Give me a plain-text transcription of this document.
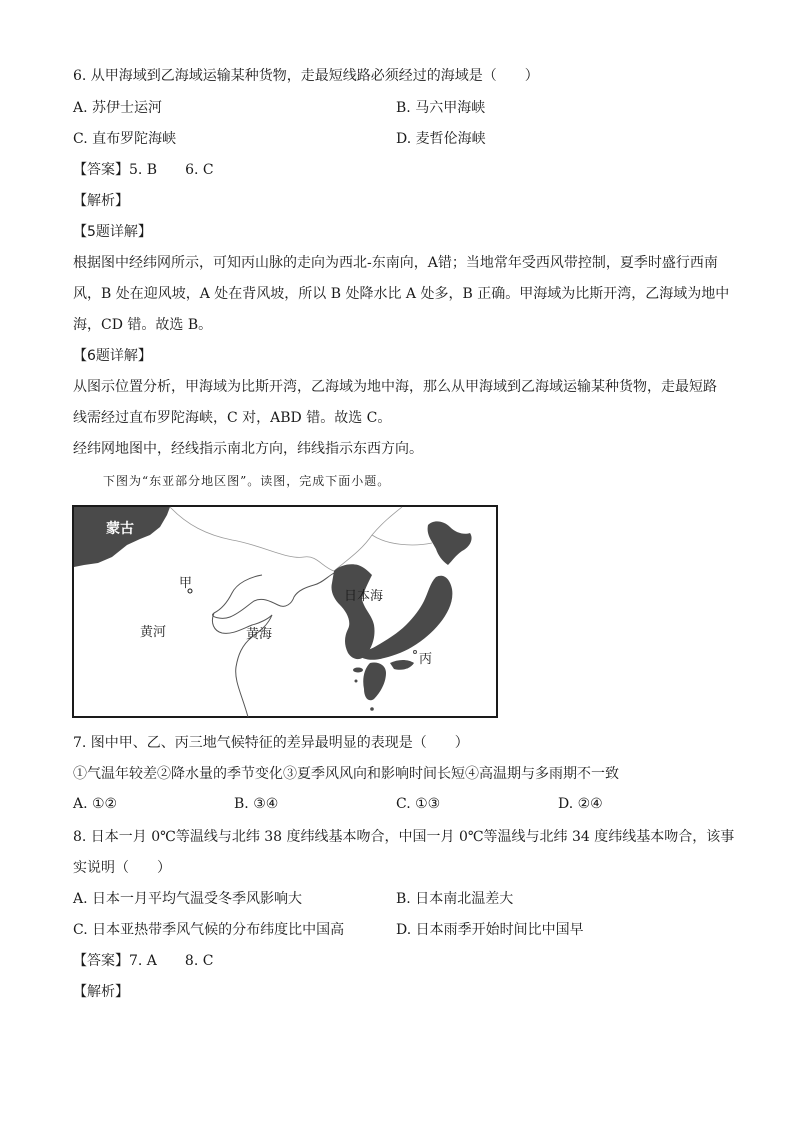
6. 从甲海域到乙海域运输某种货物，走最短线路必须经过的海域是（　　）
A. 苏伊士运河	B. 马六甲海峡
C. 直布罗陀海峡	D. 麦哲伦海峡
【答案】5. B　　6. C
【解析】
【5题详解】
根据图中经纬网所示，可知丙山脉的走向为西北-东南向，A错；当地常年受西风带控制，夏季时盛行西南
风，B 处在迎风坡，A 处在背风坡，所以 B 处降水比 A 处多，B 正确。甲海域为比斯开湾，乙海域为地中
海，CD 错。故选 B。
【6题详解】
从图示位置分析，甲海域为比斯开湾，乙海域为地中海，那么从甲海域到乙海域运输某种货物，走最短路
线需经过直布罗陀海峡，C 对，ABD 错。故选 C。
经纬网地图中，经线指示南北方向，纬线指示东西方向。
下图为“东亚部分地区图”。读图，完成下面小题。
蒙古
甲
黄河	黄海 乙
日本海
丙
7. 图中甲、乙、丙三地气候特征的差异最明显的表现是（　　）
①气温年较差②降水量的季节变化③夏季风风向和影响时间长短④高温期与多雨期不一致
A. ①②	B. ③④	C. ①③	D. ②④
8. 日本一月 0℃等温线与北纬 38 度纬线基本吻合，中国一月 0℃等温线与北纬 34 度纬线基本吻合，该事
实说明（　　）
A. 日本一月平均气温受冬季风影响大	B. 日本南北温差大
C. 日本亚热带季风气候的分布纬度比中国高	D. 日本雨季开始时间比中国早
【答案】7. A　　8. C
【解析】
